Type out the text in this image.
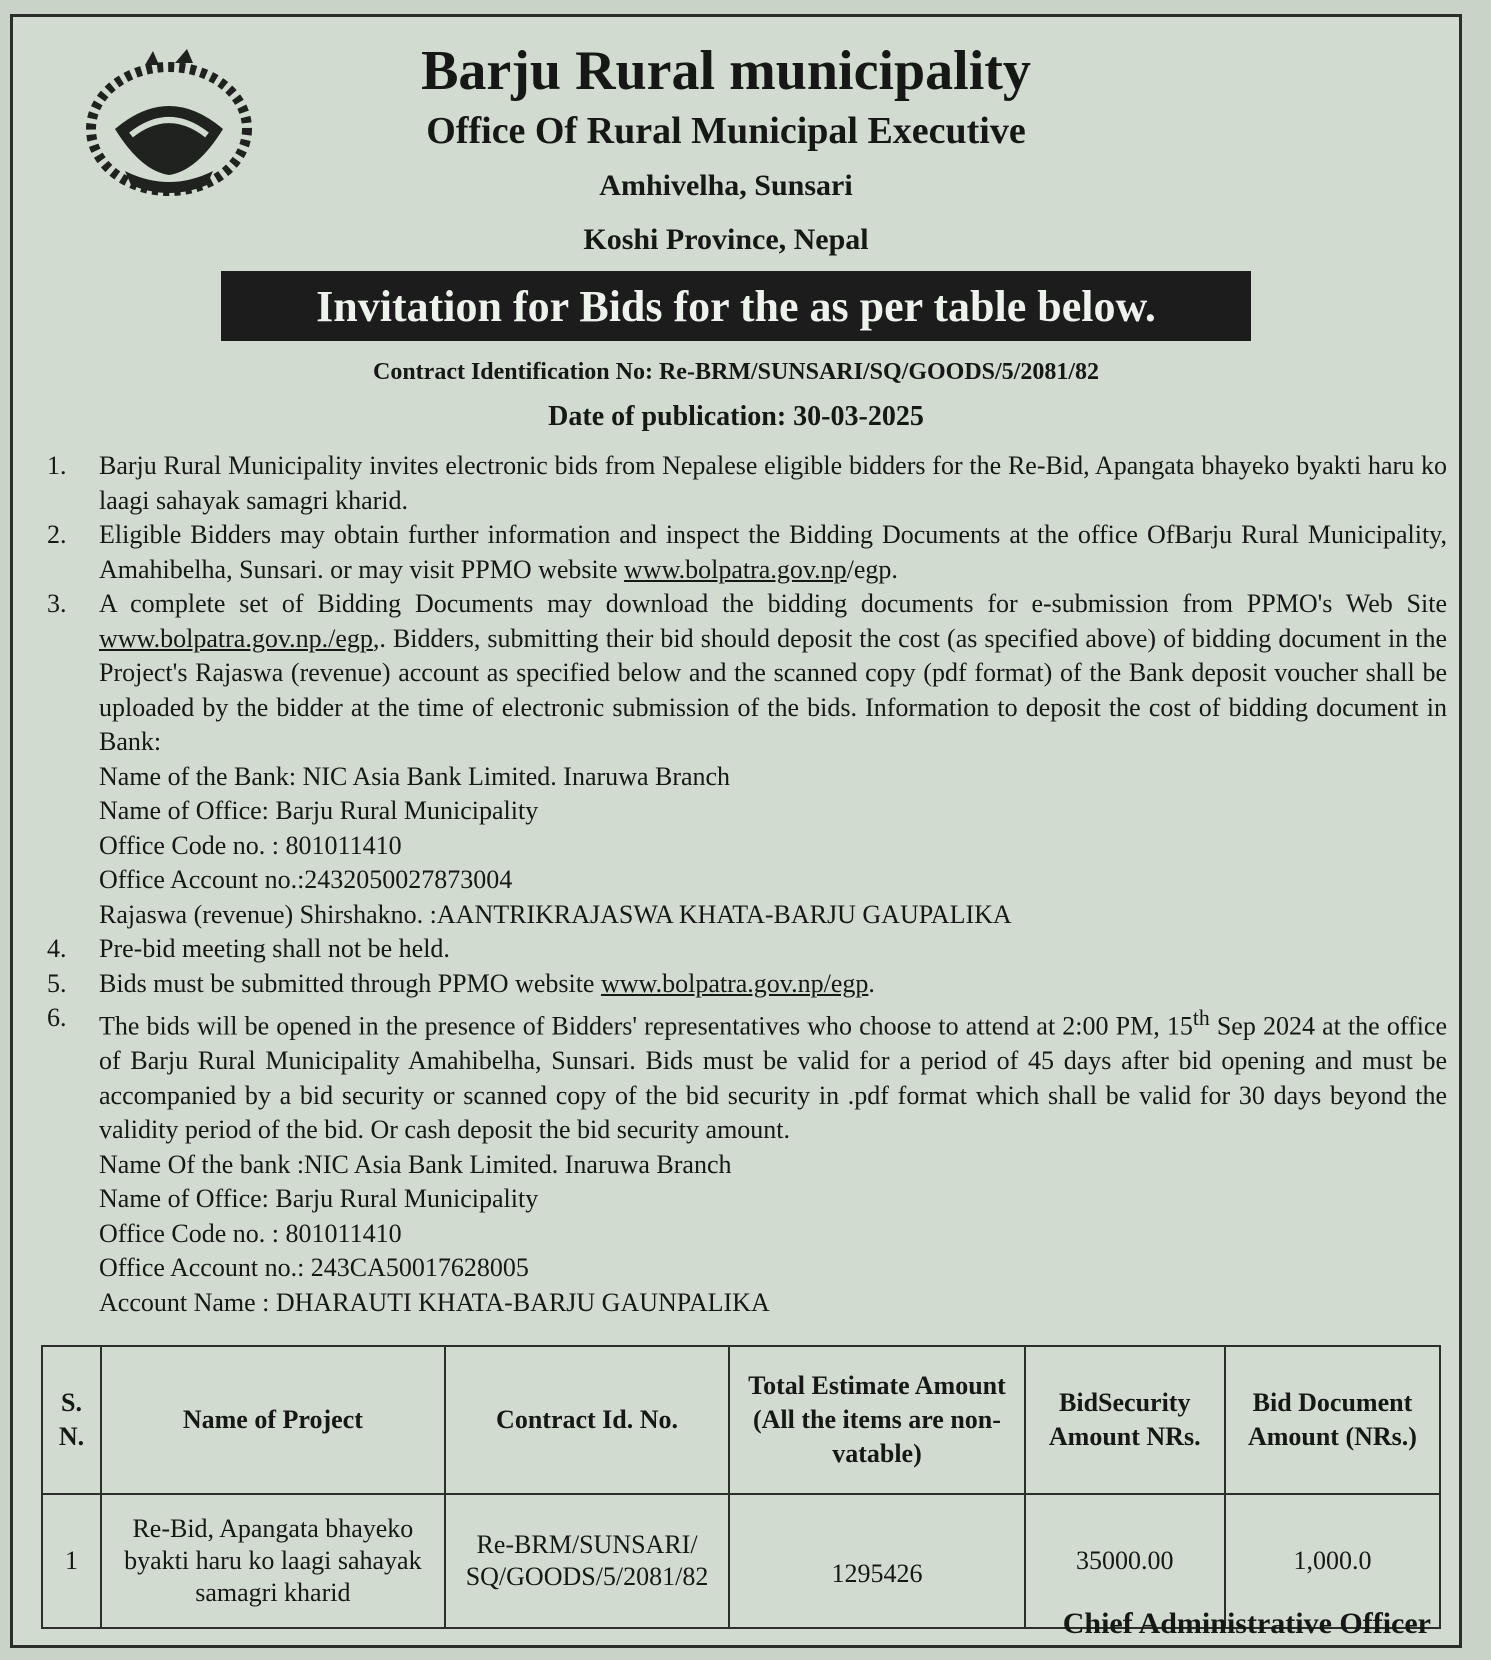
Barju Rural municipality
Office Of Rural Municipal Executive
Amhivelha, Sunsari
Koshi Province, Nepal
Invitation for Bids for the as per table below.
Contract Identification No: Re-BRM/SUNSARI/SQ/GOODS/5/2081/82
Date of publication: 30-03-2025
1.	Barju Rural Municipality invites electronic bids from Nepalese eligible bidders for the Re-Bid, Apangata bhayeko byakti haru ko laagi sahayak samagri kharid.
2.	Eligible Bidders may obtain further information and inspect the Bidding Documents at the office OfBarju Rural Municipality, Amahibelha, Sunsari. or may visit PPMO website www.bolpatra.gov.np/egp.
3.	A complete set of Bidding Documents may download the bidding documents for e-submission from PPMO's Web Site www.bolpatra.gov.np./egp,. Bidders, submitting their bid should deposit the cost (as specified above) of bidding document in the Project's Rajaswa (revenue) account as specified below and the scanned copy (pdf format) of the Bank deposit voucher shall be uploaded by the bidder at the time of electronic submission of the bids. Information to deposit the cost of bidding document in Bank:
Name of the Bank: NIC Asia Bank Limited. Inaruwa Branch
Name of Office: Barju Rural Municipality
Office Code no. : 801011410
Office Account no.:2432050027873004
Rajaswa (revenue) Shirshakno. :AANTRIKRAJASWA KHATA-BARJU GAUPALIKA
4.	Pre-bid meeting shall not be held.
5.	Bids must be submitted through PPMO website www.bolpatra.gov.np/egp.
6.	The bids will be opened in the presence of Bidders' representatives who choose to attend at 2:00 PM, 15th Sep 2024 at the office of Barju Rural Municipality Amahibelha, Sunsari. Bids must be valid for a period of 45 days after bid opening and must be accompanied by a bid security or scanned copy of the bid security in .pdf format which shall be valid for 30 days beyond the validity period of the bid. Or cash deposit the bid security amount.
Name Of the bank :NIC Asia Bank Limited. Inaruwa Branch
Name of Office: Barju Rural Municipality
Office Code no. : 801011410
Office Account no.: 243CA50017628005
Account Name : DHARAUTI KHATA-BARJU GAUNPALIKA
S. N.	Name of Project	Contract Id. No.	Total Estimate Amount (All the items are non-vatable)	BidSecurity Amount NRs.	Bid Document Amount (NRs.)
1	Re-Bid, Apangata bhayeko byakti haru ko laagi sahayak samagri kharid	Re-BRM/SUNSARI/ SQ/GOODS/5/2081/82	1295426	35000.00	1,000.0
Chief Administrative Officer
